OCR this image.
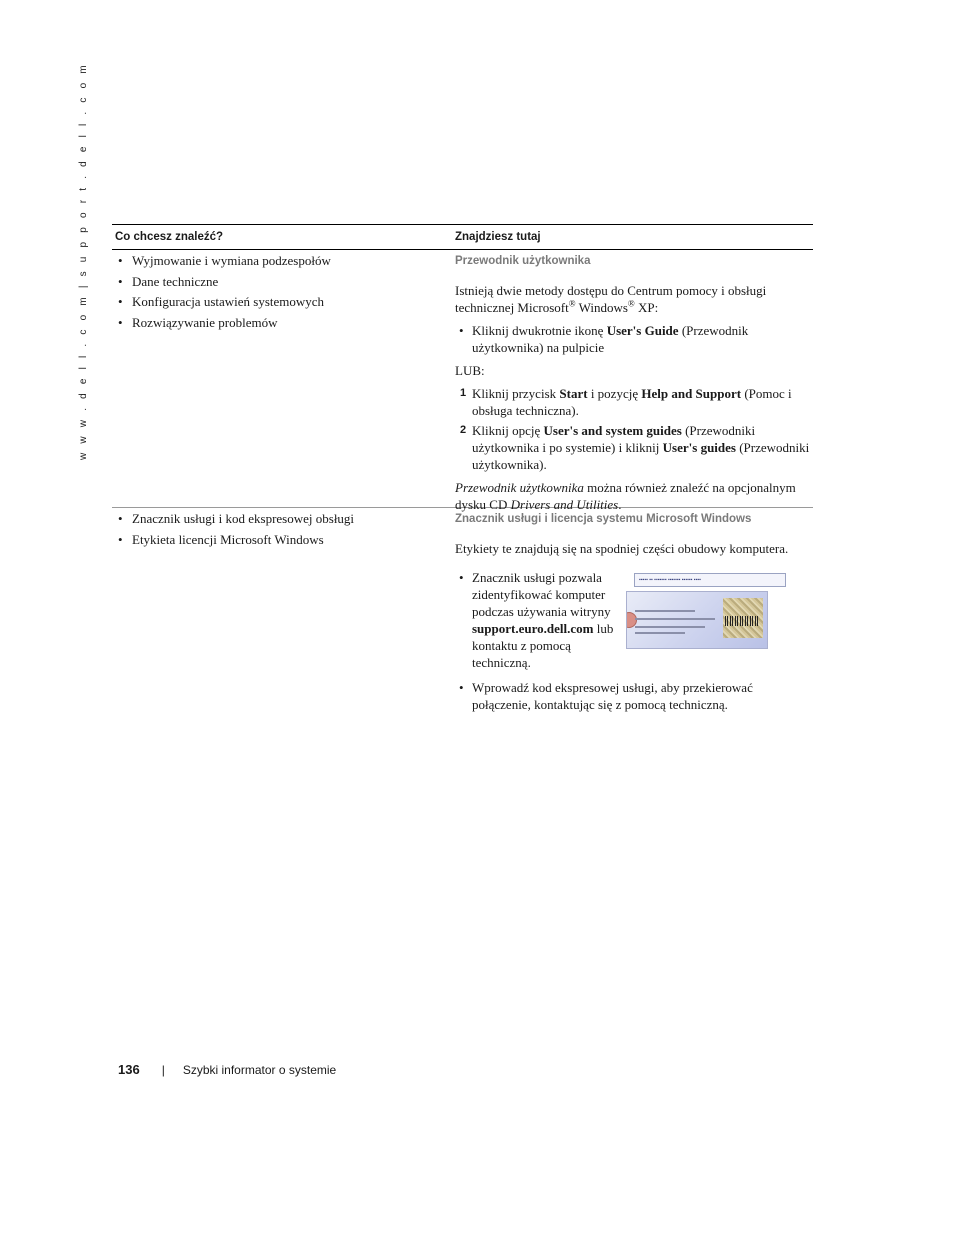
w w w . d e l l . c o m | s u p p o r t . d e l l . c o m	Co chcesz znaleźć?	Znajdziesz tutaj
• Wyjmowanie i wymiana podzespołów
• Dane techniczne
• Konfiguracja ustawień systemowych
• Rozwiązywanie problemów
Przewodnik użytkownika

Istnieją dwie metody dostępu do Centrum pomocy i obsługi technicznej Microsoft® Windows® XP:

• Kliknij dwukrotnie ikonę User's Guide (Przewodnik użytkownika) na pulpicie

LUB:

1 Kliknij przycisk Start i pozycję Help and Support (Pomoc i obsługa techniczna).
2 Kliknij opcję User's and system guides (Przewodniki użytkownika i po systemie) i kliknij User's guides (Przewodniki użytkownika).

Przewodnik użytkownika można również znaleźć na opcjonalnym dysku CD Drivers and Utilities.

• Znacznik usługi i kod ekspresowej obsługi
• Etykieta licencji Microsoft Windows
Znacznik usługi i licencja systemu Microsoft Windows

Etykiety te znajdują się na spodniej części obudowy komputera.

• Znacznik usługi pozwala zidentyfikować komputer podczas używania witryny support.euro.dell.com lub kontaktu z pomocą techniczną.
▪▪▪▪▪ ▪▪ ▪▪▪▪▪▪▪ ▪▪▪▪▪▪▪ ▪▪▪▪▪▪ ▪▪▪▪
• Wprowadź kod ekspresowej usługi, aby przekierować połączenie, kontaktując się z pomocą techniczną.
136 | Szybki informator o systemie
